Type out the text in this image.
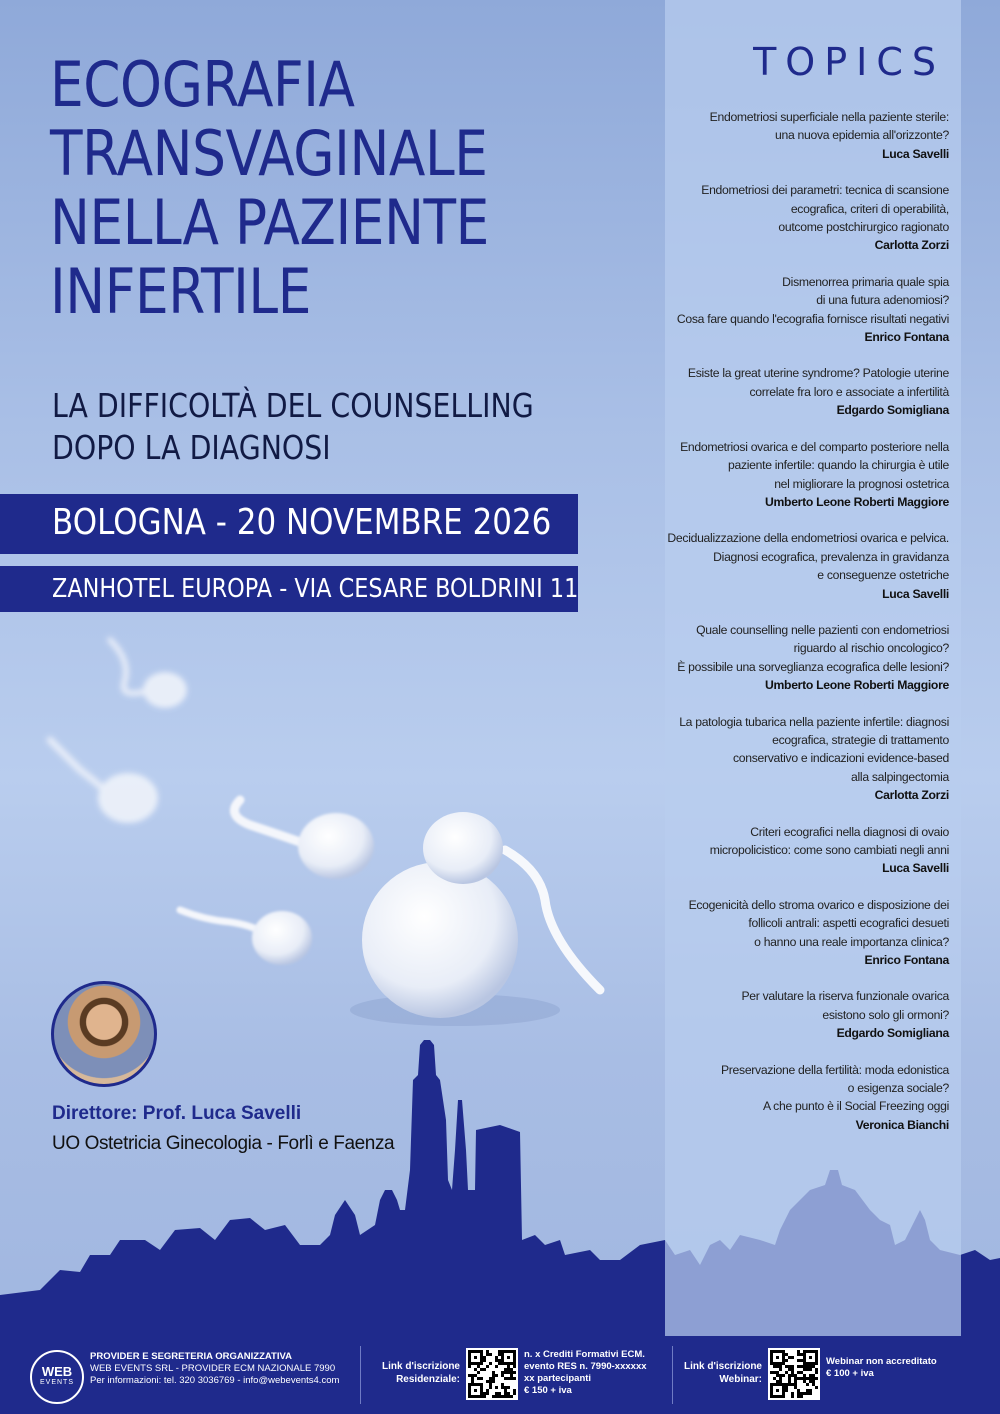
ECOGRAFIA
TRANSVAGINALE
NELLA PAZIENTE
INFERTILE
LA DIFFICOLTÀ DEL COUNSELLING
DOPO LA DIAGNOSI
BOLOGNA - 20 NOVEMBRE 2026
ZANHOTEL EUROPA - VIA CESARE BOLDRINI 11
TOPICS
Endometriosi superficiale nella paziente sterile:
una nuova epidemia all'orizzonte?
Luca Savelli
Endometriosi dei parametri: tecnica di scansione
ecografica, criteri di operabilità,
outcome postchirurgico ragionato
Carlotta Zorzi
Dismenorrea primaria quale spia
di una futura adenomiosi?
Cosa fare quando l'ecografia fornisce risultati negativi
Enrico Fontana
Esiste la great uterine syndrome? Patologie uterine
correlate fra loro e associate a infertilità
Edgardo Somigliana
Endometriosi ovarica e del comparto posteriore nella
paziente infertile: quando la chirurgia è utile
nel migliorare la prognosi ostetrica
Umberto Leone Roberti Maggiore
Decidualizzazione della endometriosi ovarica e pelvica.
Diagnosi ecografica, prevalenza in gravidanza
e conseguenze ostetriche
Luca Savelli
Quale counselling nelle pazienti con endometriosi
riguardo al rischio oncologico?
È possibile una sorveglianza ecografica delle lesioni?
Umberto Leone Roberti Maggiore
La patologia tubarica nella paziente infertile: diagnosi
ecografica, strategie di trattamento
conservativo e indicazioni evidence-based
alla salpingectomia
Carlotta Zorzi
Criteri ecografici nella diagnosi di ovaio
micropolicistico: come sono cambiati negli anni
Luca Savelli
Ecogenicità dello stroma ovarico e disposizione dei
follicoli antrali: aspetti ecografici desueti
o hanno una reale importanza clinica?
Enrico Fontana
Per valutare la riserva funzionale ovarica
esistono solo gli ormoni?
Edgardo Somigliana
Preservazione della fertilità: moda edonistica
o esigenza sociale?
A che punto è il Social Freezing oggi
Veronica Bianchi
Direttore: Prof. Luca Savelli
UO Ostetricia Ginecologia - Forlì e Faenza
WEB
EVENTS
PROVIDER E SEGRETERIA ORGANIZZATIVA
WEB EVENTS SRL - PROVIDER ECM NAZIONALE 7990
Per informazioni: tel. 320 3036769 - info@webevents4.com
Link d'iscrizione
Residenziale:
n. x Crediti Formativi ECM.
evento RES n. 7990-xxxxxx
xx partecipanti
€ 150 + iva
Link d'iscrizione
Webinar:
Webinar non accreditato
€ 100 + iva
